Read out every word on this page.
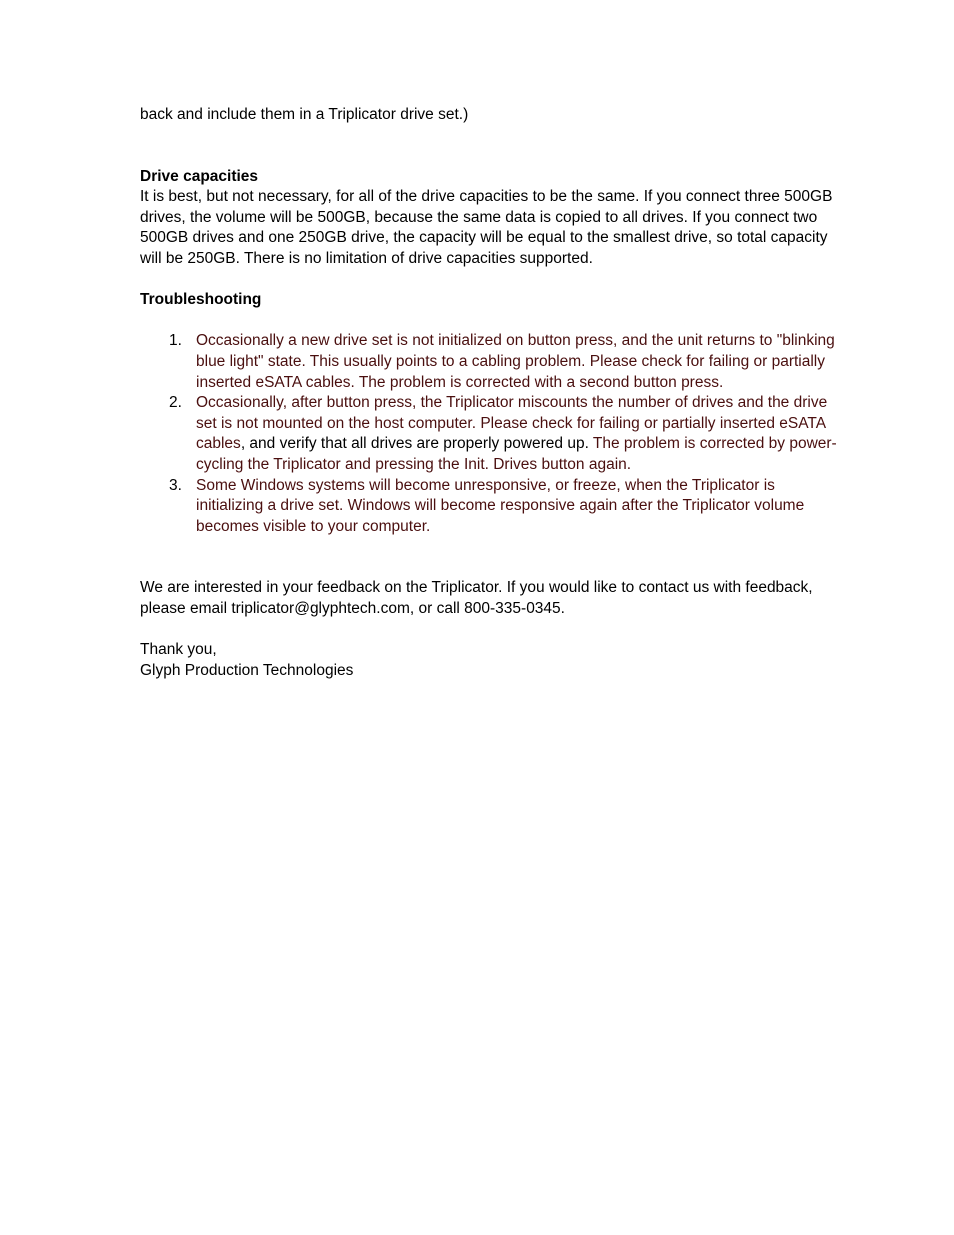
back and include them in a Triplicator drive set.)

Drive capacities

It is best, but not necessary, for all of the drive capacities to be the same. If you connect three 500GB drives, the volume will be 500GB, because the same data is copied to all drives. If you connect two 500GB drives and one 250GB drive, the capacity will be equal to the smallest drive, so total capacity will be 250GB. There is no limitation of drive capacities supported.

Troubleshooting

1. Occasionally a new drive set is not initialized on button press, and the unit returns to "blinking blue light" state. This usually points to a cabling problem. Please check for failing or partially inserted eSATA cables. The problem is corrected with a second button press.
2. Occasionally, after button press, the Triplicator miscounts the number of drives and the drive set is not mounted on the host computer. Please check for failing or partially inserted eSATA cables, and verify that all drives are properly powered up. The problem is corrected by power-cycling the Triplicator and pressing the Init. Drives button again.
3. Some Windows systems will become unresponsive, or freeze, when the Triplicator is initializing a drive set. Windows will become responsive again after the Triplicator volume becomes visible to your computer.

We are interested in your feedback on the Triplicator. If you would like to contact us with feedback, please email triplicator@glyphtech.com, or call 800-335-0345.

Thank you,

Glyph Production Technologies
